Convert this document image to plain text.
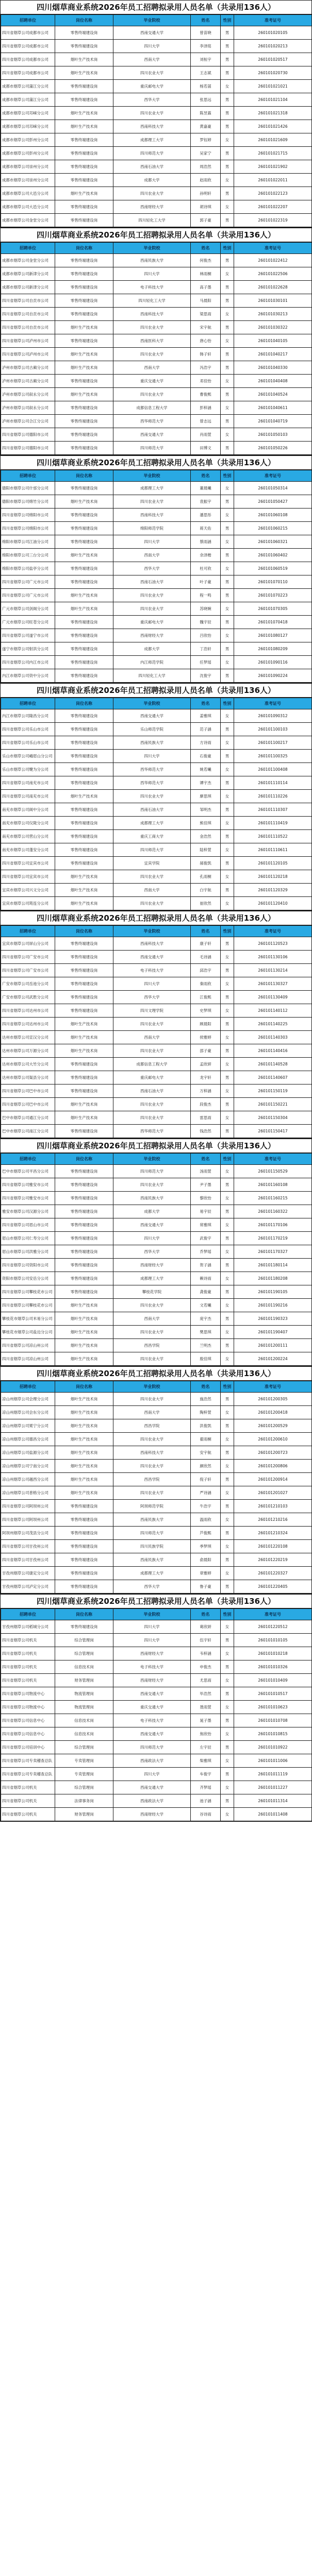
四川烟草商业系统2026年员工招聘拟录用人员名单（共录用136人）
招聘单位	岗位名称	毕业院校	姓名	性别	准考证号
四川省烟草公司成都市公司	零售终端建设岗	西南交通大学	曾苗晓	男	260101020105
四川省烟草公司成都市公司	零售终端建设岗	四川大学	李泽铭	男	260101020213
四川省烟草公司成都市公司	烟叶生产技术岗	西南大学	刘桓宇	男	260101020517
四川省烟草公司成都市公司	烟叶生产技术岗	四川农业大学	王志斌	男	260101020730
成都市烟草公司蒲江分公司	零售终端建设岗	重庆邮电大学	杨若菡	女	260101021021
成都市烟草公司蒲江分公司	零售终端建设岗	西华大学	张思远	男	260101021104
成都市烟草公司邛崃分公司	烟叶生产技术岗	四川农业大学	陈昱霖	男	260101021318
成都市烟草公司邛崃分公司	烟叶生产技术岗	西南科技大学	黄嘉豪	男	260101021426
成都市烟草公司彭州分公司	零售终端建设岗	成都理工大学	罗钰婷	女	260101021609
成都市烟草公司彭州分公司	零售终端建设岗	四川师范大学	吴家宁	男	260101021715
成都市烟草公司崇州分公司	零售终端建设岗	西南石油大学	周浩然	男	260101021902
成都市烟草公司崇州分公司	零售终端建设岗	成都大学	赵雨欣	女	260101022011
成都市烟草公司大邑分公司	烟叶生产技术岗	四川农业大学	孙明轩	男	260101022123
成都市烟草公司大邑分公司	零售终端建设岗	西南财经大学	胡诗琪	女	260101022207
成都市烟草公司金堂分公司	零售终端建设岗	四川轻化工大学	郭子豪	男	260101022319
四川烟草商业系统2026年员工招聘拟录用人员名单（共录用136人）
招聘单位	岗位名称	毕业院校	姓名	性别	准考证号
成都市烟草公司金堂分公司	零售终端建设岗	西南民族大学	何俊杰	男	260101022412
成都市烟草公司新津分公司	零售终端建设岗	四川大学	林雨桐	女	260101022506
成都市烟草公司新津分公司	零售终端建设岗	电子科技大学	高子墨	男	260101022628
四川省烟草公司自贡市公司	零售终端建设岗	四川轻化工大学	马晨阳	男	260101030101
四川省烟草公司自贡市公司	零售终端建设岗	西南科技大学	梁思雨	女	260101030213
四川省烟草公司自贡市公司	烟叶生产技术岗	四川农业大学	宋宇航	男	260101030322
四川省烟草公司泸州市公司	零售终端建设岗	西南医科大学	唐心怡	女	260101040105
四川省烟草公司泸州市公司	烟叶生产技术岗	四川农业大学	韩子轩	男	260101040217
泸州市烟草公司古蔺分公司	烟叶生产技术岗	西南大学	冯浩宇	男	260101040330
泸州市烟草公司古蔺分公司	零售终端建设岗	重庆交通大学	邓佳怡	女	260101040408
泸州市烟草公司叙永分公司	烟叶生产技术岗	四川农业大学	曹俊熙	男	260101040524
泸州市烟草公司叙永分公司	零售终端建设岗	成都信息工程大学	彭梓涵	女	260101040611
泸州市烟草公司合江分公司	零售终端建设岗	西华师范大学	曾志远	男	260101040719
四川省烟草公司德阳市公司	零售终端建设岗	西南交通大学	肖雨萱	女	260101050103
四川省烟草公司德阳市公司	零售终端建设岗	四川师范大学	田博文	男	260101050226
四川烟草商业系统2026年员工招聘拟录用人员名单（共录用136人）
招聘单位	岗位名称	毕业院校	姓名	性别	准考证号
德阳市烟草公司什邡分公司	零售终端建设岗	成都理工大学	董晨曦	女	260101050314
德阳市烟草公司绵竹分公司	烟叶生产技术岗	四川农业大学	袁振宇	男	260101050427
四川省烟草公司绵阳市公司	零售终端建设岗	西南科技大学	潘思彤	女	260101060108
四川省烟草公司绵阳市公司	零售终端建设岗	绵阳师范学院	蒋天佑	男	260101060215
绵阳市烟草公司江油分公司	零售终端建设岗	四川大学	蔡雨涵	女	260101060321
绵阳市烟草公司三台分公司	烟叶生产技术岗	西南大学	余泽楷	男	260101060402
绵阳市烟草公司盐亭分公司	零售终端建设岗	西华大学	杜可欣	女	260101060519
四川省烟草公司广元市公司	零售终端建设岗	西南石油大学	叶子豪	男	260101070110
四川省烟草公司广元市公司	烟叶生产技术岗	四川农业大学	程一鸣	男	260101070223
广元市烟草公司剑阁分公司	烟叶生产技术岗	四川农业大学	苏晓婉	女	260101070305
广元市烟草公司旺苍分公司	零售终端建设岗	重庆邮电大学	魏宇辰	男	260101070418
四川省烟草公司遂宁市公司	零售终端建设岗	西南财经大学	吕欣怡	女	260101080127
遂宁市烟草公司射洪分公司	零售终端建设岗	成都大学	丁浩轩	男	260101080209
四川省烟草公司内江市公司	零售终端建设岗	内江师范学院	任梦瑶	女	260101090116
内江市烟草公司资中分公司	零售终端建设岗	四川轻化工大学	沈俊宇	男	260101090224
四川烟草商业系统2026年员工招聘拟录用人员名单（共录用136人）
招聘单位	岗位名称	毕业院校	姓名	性别	准考证号
内江市烟草公司隆昌分公司	零售终端建设岗	西南交通大学	姜雅琪	女	260101090312
四川省烟草公司乐山市公司	零售终端建设岗	乐山师范学院	范子涵	男	260101100103
四川省烟草公司乐山市公司	零售终端建设岗	西南民族大学	方诗雨	女	260101100217
乐山市烟草公司峨眉山分公司	零售终端建设岗	四川大学	石俊豪	男	260101100325
乐山市烟草公司犍为分公司	零售终端建设岗	西华师范大学	姚若曦	女	260101100408
四川省烟草公司南充市公司	零售终端建设岗	西华师范大学	谭宇杰	男	260101110114
四川省烟草公司南充市公司	烟叶生产技术岗	四川农业大学	廖思琪	女	260101110226
南充市烟草公司阆中分公司	零售终端建设岗	西南石油大学	邹明杰	男	260101110307
南充市烟草公司仪陇分公司	零售终端建设岗	成都理工大学	熊佳琪	女	260101110419
南充市烟草公司营山分公司	零售终端建设岗	重庆工商大学	金浩然	男	260101110522
南充市烟草公司蓬安分公司	零售终端建设岗	四川师范大学	陆梓萱	女	260101110611
四川省烟草公司宜宾市公司	零售终端建设岗	宜宾学院	郝俊凯	男	260101120105
四川省烟草公司宜宾市公司	烟叶生产技术岗	四川农业大学	孔雨桐	女	260101120218
宜宾市烟草公司兴文分公司	烟叶生产技术岗	西南大学	白宇航	男	260101120329
宜宾市烟草公司筠连分公司	烟叶生产技术岗	四川农业大学	崔欣然	女	260101120410
四川烟草商业系统2026年员工招聘拟录用人员名单（共录用136人）
招聘单位	岗位名称	毕业院校	姓名	性别	准考证号
宜宾市烟草公司屏山分公司	零售终端建设岗	西南科技大学	康子轩	男	260101120523
四川省烟草公司广安市公司	零售终端建设岗	西南交通大学	毛诗涵	女	260101130106
四川省烟草公司广安市公司	零售终端建设岗	电子科技大学	邱浩宇	男	260101130214
广安市烟草公司岳池分公司	零售终端建设岗	四川大学	秦雨欣	女	260101130327
广安市烟草公司武胜分公司	零售终端建设岗	西华大学	江俊熙	男	260101130409
四川省烟草公司达州市公司	零售终端建设岗	四川文理学院	史梦琪	女	260101140112
四川省烟草公司达州市公司	烟叶生产技术岗	四川农业大学	顾晨阳	男	260101140225
达州市烟草公司宣汉分公司	烟叶生产技术岗	西南大学	侯雅婷	女	260101140303
达州市烟草公司万源分公司	烟叶生产技术岗	四川农业大学	邵子豪	男	260101140416
达州市烟草公司大竹分公司	零售终端建设岗	成都信息工程大学	孟欣妍	女	260101140528
达州市烟草公司渠县分公司	零售终端建设岗	重庆邮电大学	龙宇轩	男	260101140607
四川省烟草公司巴中市公司	零售终端建设岗	西南石油大学	万梓涵	女	260101150119
四川省烟草公司巴中市公司	烟叶生产技术岗	四川农业大学	段俊杰	男	260101150221
巴中市烟草公司通江分公司	烟叶生产技术岗	四川农业大学	雷思雨	女	260101150304
巴中市烟草公司南江分公司	零售终端建设岗	西华师范大学	钱浩然	男	260101150417
四川烟草商业系统2026年员工招聘拟录用人员名单（共录用136人）
招聘单位	岗位名称	毕业院校	姓名	性别	准考证号
巴中市烟草公司平昌分公司	零售终端建设岗	四川师范大学	汤雨萱	女	260101150529
四川省烟草公司雅安市公司	零售终端建设岗	四川农业大学	尹子墨	男	260101160108
四川省烟草公司雅安市公司	零售终端建设岗	西南民族大学	黎欣怡	女	260101160215
雅安市烟草公司汉源分公司	零售终端建设岗	成都大学	易宇辰	男	260101160322
四川省烟草公司眉山市公司	零售终端建设岗	西南交通大学	常雅琪	女	260101170106
眉山市烟草公司仁寿分公司	零售终端建设岗	四川大学	武俊宇	男	260101170219
眉山市烟草公司洪雅分公司	零售终端建设岗	西华大学	乔梦瑶	女	260101170327
四川省烟草公司资阳市公司	零售终端建设岗	西南财经大学	贺子涵	男	260101180114
资阳市烟草公司安岳分公司	零售终端建设岗	成都理工大学	赖诗雨	女	260101180208
四川省烟草公司攀枝花市公司	零售终端建设岗	攀枝花学院	龚俊豪	男	260101190105
四川省烟草公司攀枝花市公司	烟叶生产技术岗	四川农业大学	文若曦	女	260101190216
攀枝花市烟草公司米易分公司	烟叶生产技术岗	西南大学	庞宇杰	男	260101190323
攀枝花市烟草公司盐边分公司	烟叶生产技术岗	四川农业大学	樊思琪	女	260101190407
四川省烟草公司凉山州公司	烟叶生产技术岗	西昌学院	兰明杰	男	260101200111
四川省烟草公司凉山州公司	烟叶生产技术岗	四川农业大学	殷佳琪	女	260101200224
四川烟草商业系统2026年员工招聘拟录用人员名单（共录用136人）
招聘单位	岗位名称	毕业院校	姓名	性别	准考证号
凉山州烟草公司会理分公司	烟叶生产技术岗	四川农业大学	施浩然	男	260101200305
凉山州烟草公司会东分公司	烟叶生产技术岗	西南大学	陶梓萱	女	260101200418
凉山州烟草公司冕宁分公司	烟叶生产技术岗	西昌学院	洪俊凯	男	260101200529
凉山州烟草公司德昌分公司	烟叶生产技术岗	四川农业大学	翟雨桐	女	260101200610
凉山州烟草公司盐源分公司	烟叶生产技术岗	西南科技大学	安宇航	男	260101200723
凉山州烟草公司宁南分公司	烟叶生产技术岗	四川农业大学	颜欣然	女	260101200806
凉山州烟草公司越西分公司	烟叶生产技术岗	西昌学院	倪子轩	男	260101200914
凉山州烟草公司普格分公司	烟叶生产技术岗	四川农业大学	严诗涵	女	260101201027
四川省烟草公司阿坝州公司	零售终端建设岗	阿坝师范学院	牛浩宇	男	260101210103
四川省烟草公司阿坝州公司	零售终端建设岗	西南民族大学	温雨欣	女	260101210216
阿坝州烟草公司茂县分公司	零售终端建设岗	四川师范大学	芦俊熙	男	260101210324
四川省烟草公司甘孜州公司	零售终端建设岗	四川民族学院	季梦琪	女	260101220108
四川省烟草公司甘孜州公司	零售终端建设岗	西南民族大学	俞晨阳	男	260101220219
甘孜州烟草公司康定分公司	零售终端建设岗	成都理工大学	章雅婷	女	260101220327
甘孜州烟草公司泸定分公司	零售终端建设岗	西华大学	鲁子豪	男	260101220405
四川烟草商业系统2026年员工招聘拟录用人员名单（共录用136人）
招聘单位	岗位名称	毕业院校	姓名	性别	准考证号
甘孜州烟草公司稻城分公司	零售终端建设岗	四川大学	葛欣妍	女	260101220512
四川省烟草公司机关	综合管理岗	四川大学	伍宇轩	男	260101010105
四川省烟草公司机关	综合管理岗	西南财经大学	韦梓涵	女	260101010218
四川省烟草公司机关	信息技术岗	电子科技大学	申俊杰	男	260101010326
四川省烟草公司机关	财务管理岗	西南财经大学	尤思雨	女	260101010409
四川省烟草公司物流中心	物流管理岗	西南交通大学	毕浩然	男	260101010517
四川省烟草公司物流中心	物流管理岗	重庆交通大学	聂雨萱	女	260101010623
四川省烟草公司信息中心	信息技术岗	电子科技大学	晁子墨	男	260101010708
四川省烟草公司信息中心	信息技术岗	西南交通大学	焦欣怡	女	260101010815
四川省烟草公司培训中心	综合管理岗	四川师范大学	左宇辰	男	260101010922
四川省烟草公司专卖稽查总队	专卖管理岗	西南政法大学	柴雅琪	女	260101011006
四川省烟草公司专卖稽查总队	专卖管理岗	四川大学	车俊宇	男	260101011119
四川省烟草公司机关	综合管理岗	西南交通大学	齐梦瑶	女	260101011227
四川省烟草公司机关	法律事务岗	西南政法大学	池子涵	男	260101011314
四川省烟草公司机关	财务管理岗	西南财经大学	谷诗雨	女	260101011408
